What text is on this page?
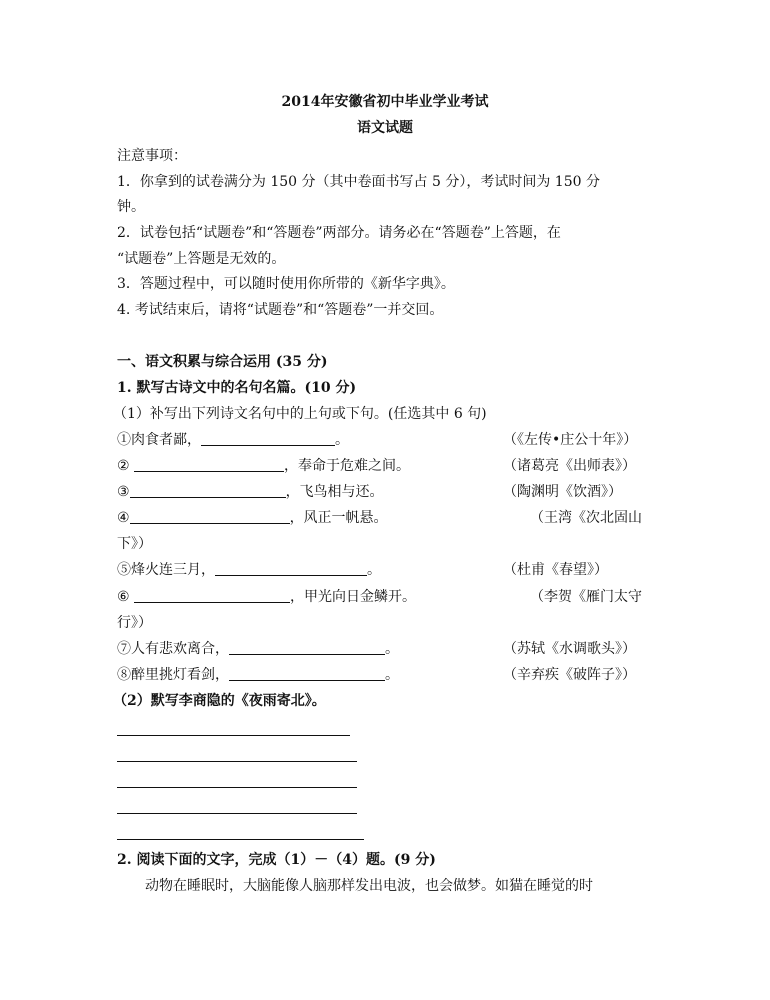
2014年安徽省初中毕业学业考试
语文试题
注意事项：
1．你拿到的试卷满分为 150 分（其中卷面书写占 5 分），考试时间为 150 分
钟。
2．试卷包括“试题卷”和“答题卷”两部分。请务必在“答题卷”上答题，在
“试题卷”上答题是无效的。
3．答题过程中，可以随时使用你所带的《新华字典》。
4. 考试结束后，请将“试题卷”和“答题卷”一并交回。
一、语文积累与综合运用 (35 分)
1. 默写古诗文中的名句名篇。(10 分)
（1）补写出下列诗文名句中的上句或下句。(任选其中 6 句)
①肉食者鄙，	。	（《左传•庄公十年》）
②	，奉命于危难之间。	（诸葛亮《出师表》）
③	，飞鸟相与还。	（陶渊明《饮酒》）
④	，风正一帆悬。	（王湾《次北固山
下》）
⑤烽火连三月，	。	（杜甫《春望》）
⑥	，甲光向日金鳞开。	（李贺《雁门太守
行》）
⑦人有悲欢离合，	。	（苏轼《水调歌头》）
⑧醉里挑灯看剑，	。	（辛弃疾《破阵子》）
（2）默写李商隐的《夜雨寄北》。
2. 阅读下面的文字，完成（1）－（4）题。(9 分)
动物在睡眠时，大脑能像人脑那样发出电波，也会做梦。如猫在睡觉的时
